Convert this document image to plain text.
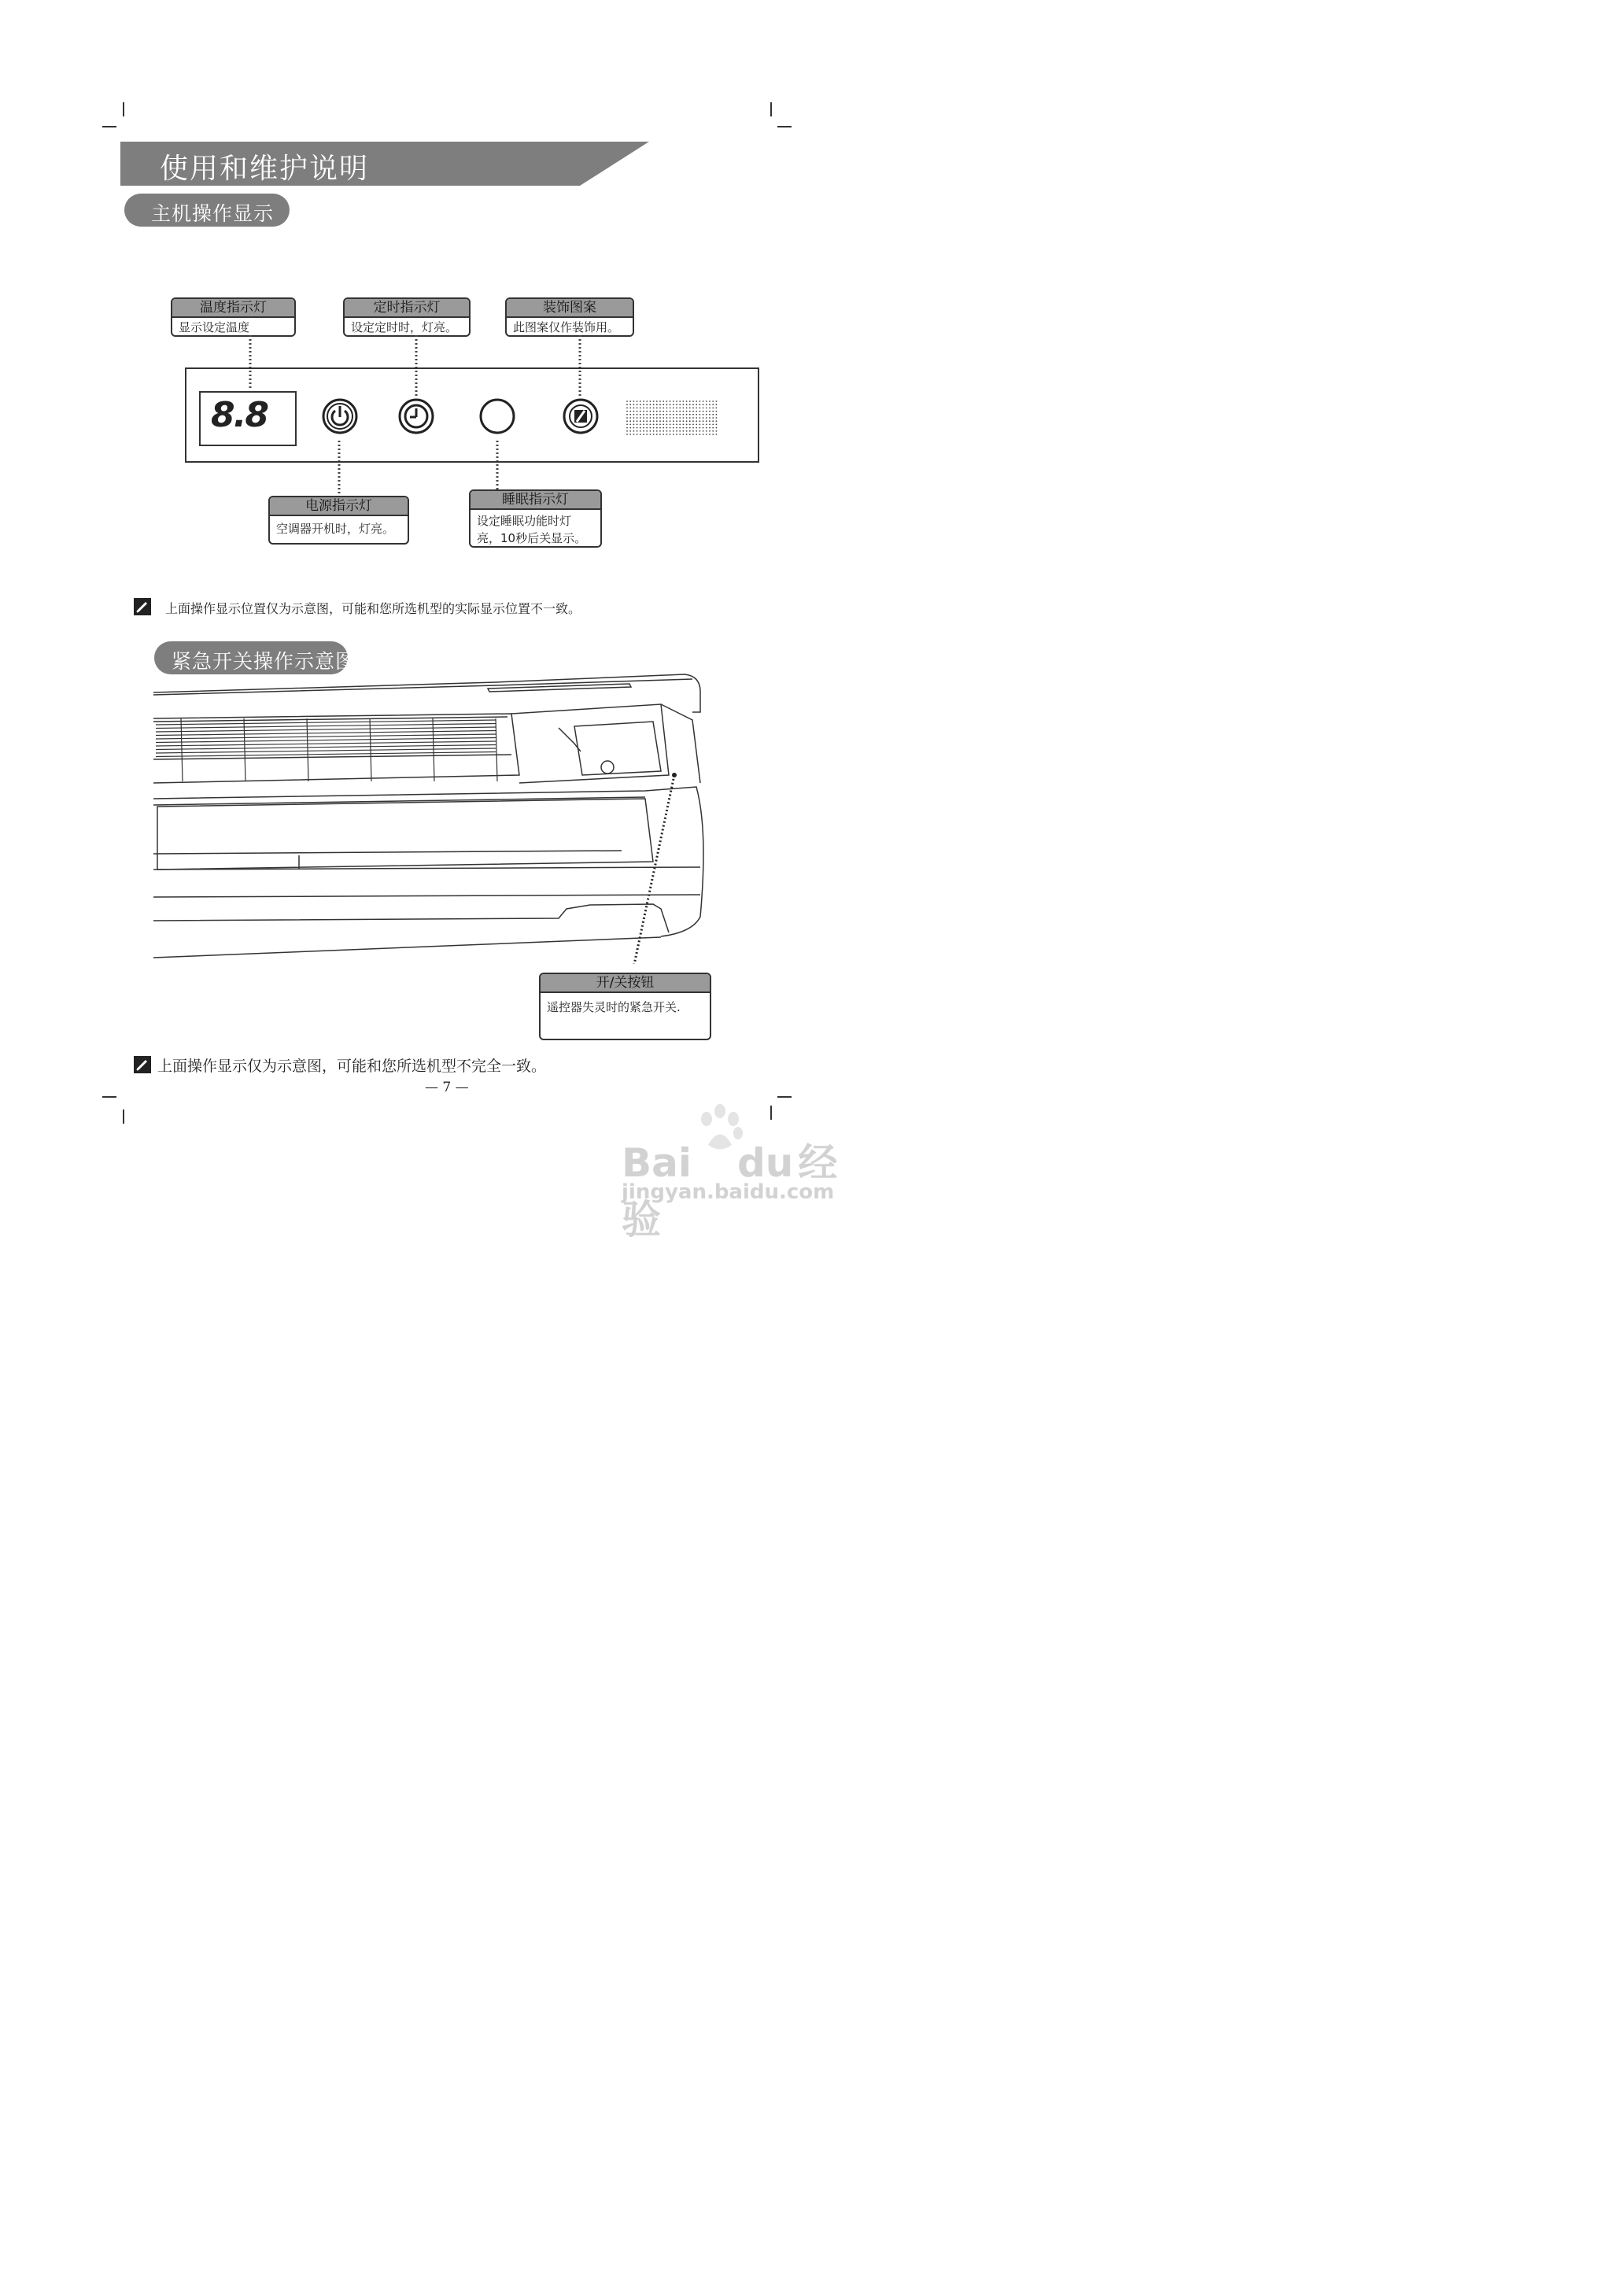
使用和维护说明
主机操作显示
温度指示灯
显示设定温度
定时指示灯
设定定时时，灯亮。
装饰图案
此图案仅作装饰用。
8.8	✦
✦
电源指示灯
空调器开机时，灯亮。
睡眠指示灯
设定睡眠功能时灯
亮，10秒后关显示。
上面操作显示位置仅为示意图，可能和您所选机型的实际显示位置不一致。
紧急开关操作示意图
开/关按钮
遥控器失灵时的紧急开关.
上面操作显示仅为示意图，可能和您所选机型不完全一致。
— 7 —
Bai du 经验
jingyan.baidu.com
